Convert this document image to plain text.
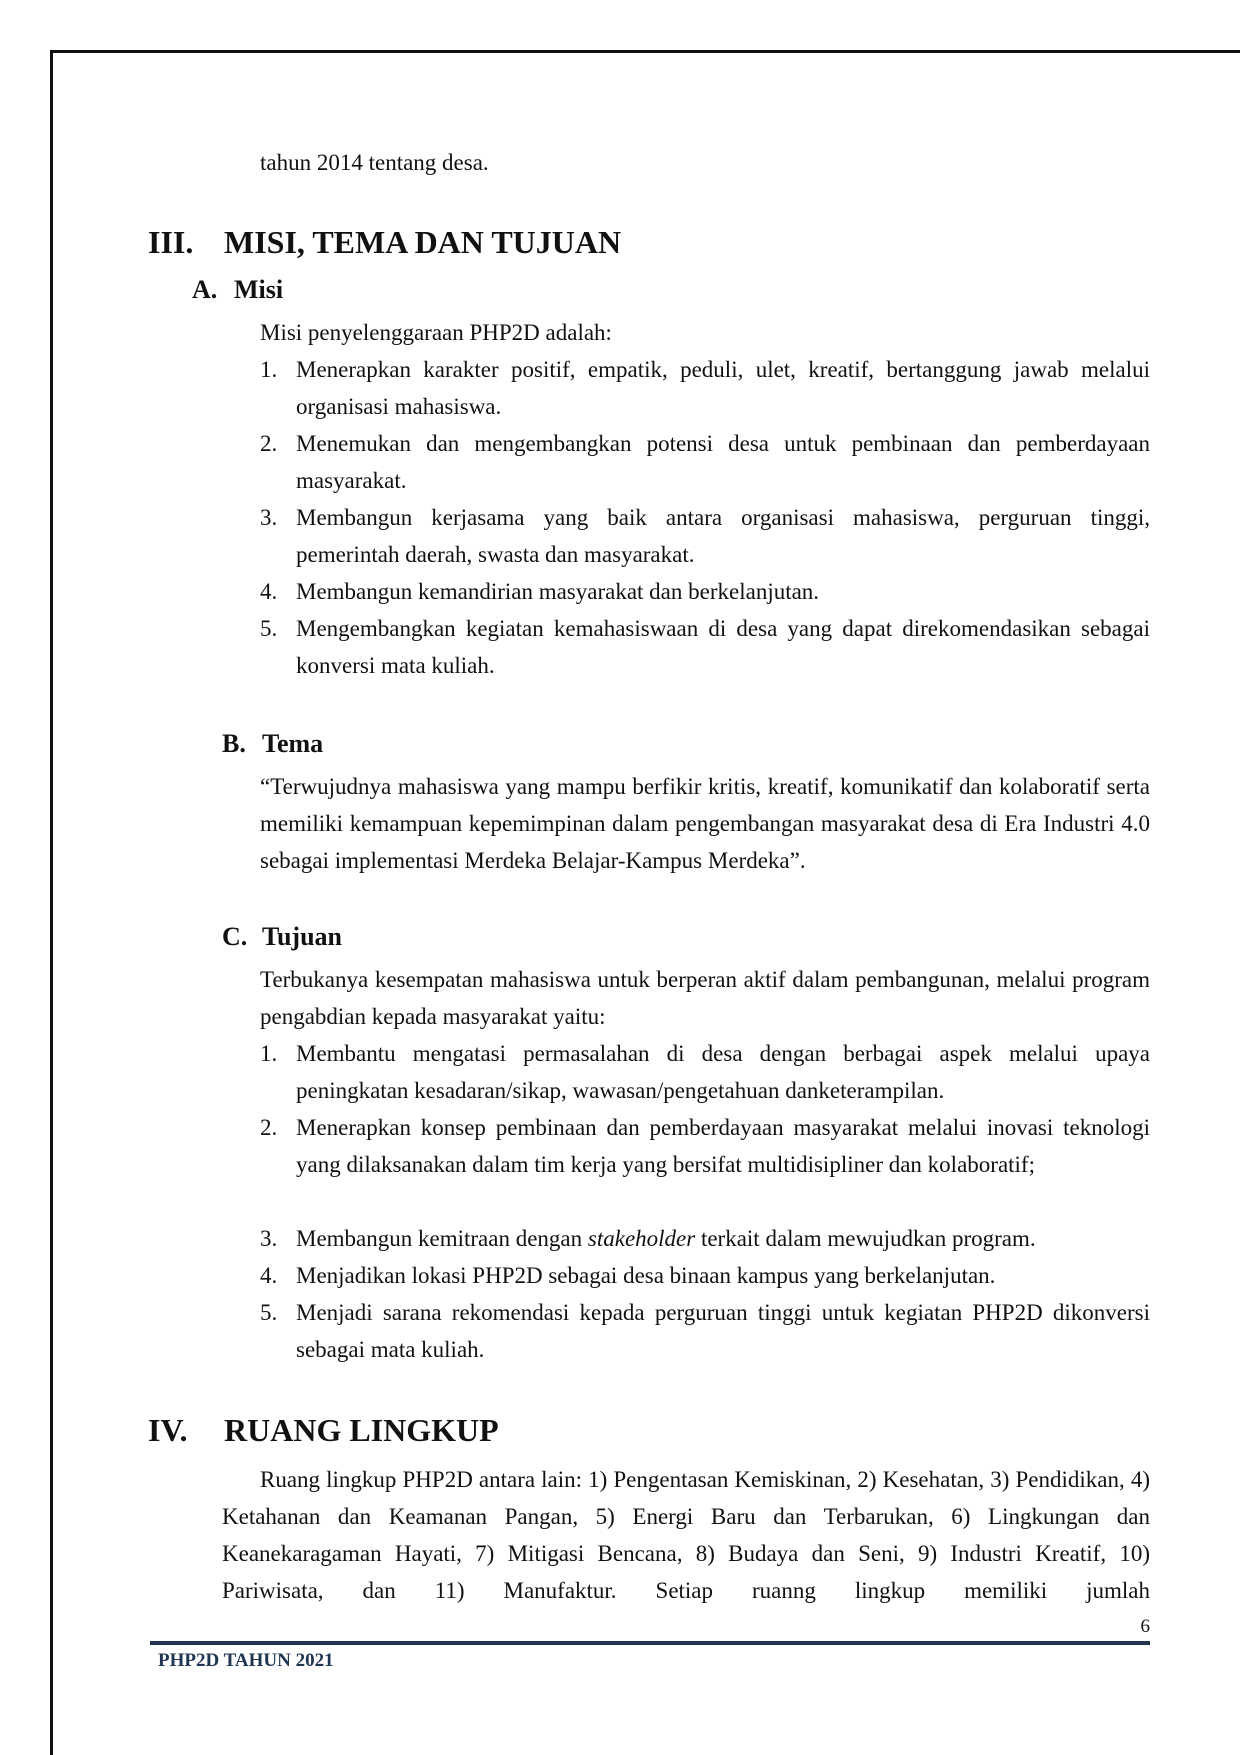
tahun 2014 tentang desa.

III. MISI, TEMA DAN TUJUAN
A. Misi

Misi penyelenggaraan PHP2D adalah:

1. Menerapkan karakter positif, empatik, peduli, ulet, kreatif, bertanggung jawab melalui organisasi mahasiswa.
2. Menemukan dan mengembangkan potensi desa untuk pembinaan dan pemberdayaan masyarakat.
3. Membangun kerjasama yang baik antara organisasi mahasiswa, perguruan tinggi, pemerintah daerah, swasta dan masyarakat.
4. Membangun kemandirian masyarakat dan berkelanjutan.
5. Mengembangkan kegiatan kemahasiswaan di desa yang dapat direkomendasikan sebagai konversi mata kuliah.
B. Tema

“Terwujudnya mahasiswa yang mampu berfikir kritis, kreatif, komunikatif dan kolaboratif serta memiliki kemampuan kepemimpinan dalam pengembangan masyarakat desa di Era Industri 4.0 sebagai implementasi Merdeka Belajar-Kampus Merdeka”.

C. Tujuan

Terbukanya kesempatan mahasiswa untuk berperan aktif dalam pembangunan, melalui program pengabdian kepada masyarakat yaitu:

1. Membantu mengatasi permasalahan di desa dengan berbagai aspek melalui upaya peningkatan kesadaran/sikap, wawasan/pengetahuan danketerampilan.
2. Menerapkan konsep pembinaan dan pemberdayaan masyarakat melalui inovasi teknologi yang dilaksanakan dalam tim kerja yang bersifat multidisipliner dan kolaboratif;
3. Membangun kemitraan dengan stakeholder terkait dalam mewujudkan program.
4. Menjadikan lokasi PHP2D sebagai desa binaan kampus yang berkelanjutan.
5. Menjadi sarana rekomendasi kepada perguruan tinggi untuk kegiatan PHP2D dikonversi sebagai mata kuliah.
IV.	RUANG LINGKUP

Ruang lingkup PHP2D antara lain: 1) Pengentasan Kemiskinan, 2) Kesehatan, 3) Pendidikan, 4) Ketahanan dan Keamanan Pangan, 5) Energi Baru dan Terbarukan, 6) Lingkungan dan Keanekaragaman Hayati, 7) Mitigasi Bencana, 8) Budaya dan Seni, 9) Industri Kreatif, 10) Pariwisata, dan 11) Manufaktur. Setiap ruanng lingkup memiliki jumlah

6
PHP2D TAHUN 2021
